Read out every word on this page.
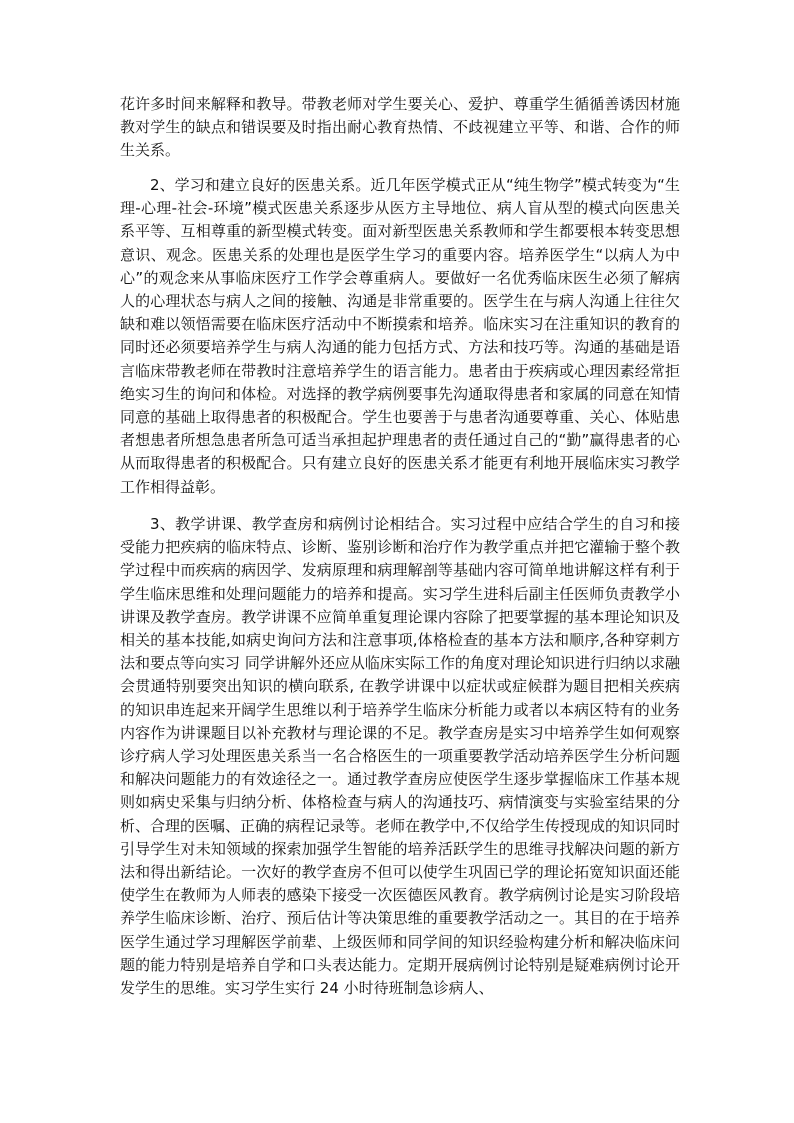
花许多时间来解释和教导。带教老师对学生要关心、爱护、尊重学生循循善诱因材施教对学生的缺点和错误要及时指出耐心教育热情、不歧视建立平等、和谐、合作的师生关系。

2、学习和建立良好的医患关系。近几年医学模式正从“纯生物学”模式转变为“生理-心理-社会-环境”模式医患关系逐步从医方主导地位、病人盲从型的模式向医患关系平等、互相尊重的新型模式转变。面对新型医患关系教师和学生都要根本转变思想意识、观念。医患关系的处理也是医学生学习的重要内容。培养医学生“以病人为中心”的观念来从事临床医疗工作学会尊重病人。要做好一名优秀临床医生必须了解病人的心理状态与病人之间的接触、沟通是非常重要的。医学生在与病人沟通上往往欠缺和难以领悟需要在临床医疗活动中不断摸索和培养。临床实习在注重知识的教育的同时还必须要培养学生与病人沟通的能力包括方式、方法和技巧等。沟通的基础是语言临床带教老师在带教时注意培养学生的语言能力。患者由于疾病或心理因素经常拒绝实习生的询问和体检。对选择的教学病例要事先沟通取得患者和家属的同意在知情同意的基础上取得患者的积极配合。学生也要善于与患者沟通要尊重、关心、体贴患者想患者所想急患者所急可适当承担起护理患者的责任通过自己的“勤”赢得患者的心从而取得患者的积极配合。只有建立良好的医患关系才能更有利地开展临床实习教学工作相得益彰。

3、教学讲课、教学查房和病例讨论相结合。实习过程中应结合学生的自习和接受能力把疾病的临床特点、诊断、鉴别诊断和治疗作为教学重点并把它灌输于整个教学过程中而疾病的病因学、发病原理和病理解剖等基础内容可简单地讲解这样有利于学生临床思维和处理问题能力的培养和提高。实习学生进科后副主任医师负责教学小讲课及教学查房。教学讲课不应简单重复理论课内容除了把要掌握的基本理论知识及相关的基本技能,如病史询问方法和注意事项,体格检查的基本方法和顺序,各种穿刺方法和要点等向实习 同学讲解外还应从临床实际工作的角度对理论知识进行归纳以求融会贯通特别要突出知识的横向联系, 在教学讲课中以症状或症候群为题目把相关疾病的知识串连起来开阔学生思维以利于培养学生临床分析能力或者以本病区特有的业务内容作为讲课题目以补充教材与理论课的不足。教学查房是实习中培养学生如何观察诊疗病人学习处理医患关系当一名合格医生的一项重要教学活动培养医学生分析问题和解决问题能力的有效途径之一。通过教学查房应使医学生逐步掌握临床工作基本规则如病史采集与归纳分析、体格检查与病人的沟通技巧、病情演变与实验室结果的分析、合理的医嘱、正确的病程记录等。老师在教学中,不仅给学生传授现成的知识同时引导学生对未知领域的探索加强学生智能的培养活跃学生的思维寻找解决问题的新方法和得出新结论。一次好的教学查房不但可以使学生巩固已学的理论拓宽知识面还能使学生在教师为人师表的感染下接受一次医德医风教育。教学病例讨论是实习阶段培养学生临床诊断、治疗、预后估计等决策思维的重要教学活动之一。其目的在于培养医学生通过学习理解医学前辈、上级医师和同学间的知识经验构建分析和解决临床问题的能力特别是培养自学和口头表达能力。定期开展病例讨论特别是疑难病例讨论开发学生的思维。实习学生实行 24 小时待班制急诊病人、
